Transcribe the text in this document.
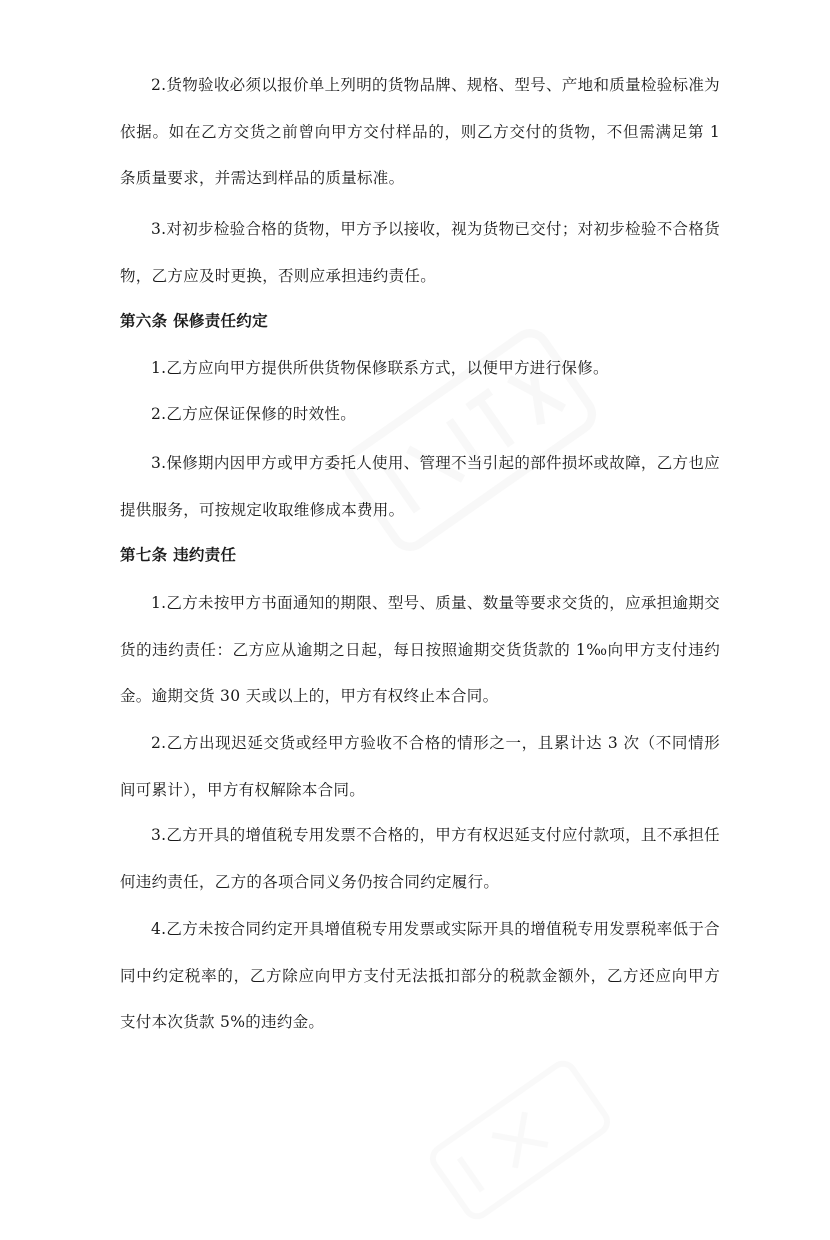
2.货物验收必须以报价单上列明的货物品牌、规格、型号、产地和质量检验标准为依据。如在乙方交货之前曾向甲方交付样品的，则乙方交付的货物，不但需满足第 1 条质量要求，并需达到样品的质量标准。

3.对初步检验合格的货物，甲方予以接收，视为货物已交付；对初步检验不合格货物，乙方应及时更换，否则应承担违约责任。

第六条 保修责任约定

1.乙方应向甲方提供所供货物保修联系方式，以便甲方进行保修。

2.乙方应保证保修的时效性。

3.保修期内因甲方或甲方委托人使用、管理不当引起的部件损坏或故障，乙方也应提供服务，可按规定收取维修成本费用。

第七条 违约责任

1.乙方未按甲方书面通知的期限、型号、质量、数量等要求交货的，应承担逾期交货的违约责任：乙方应从逾期之日起，每日按照逾期交货货款的 1‰向甲方支付违约金。逾期交货 30 天或以上的，甲方有权终止本合同。

2.乙方出现迟延交货或经甲方验收不合格的情形之一，且累计达 3 次（不同情形间可累计），甲方有权解除本合同。

3.乙方开具的增值税专用发票不合格的，甲方有权迟延支付应付款项，且不承担任何违约责任，乙方的各项合同义务仍按合同约定履行。

4.乙方未按合同约定开具增值税专用发票或实际开具的增值税专用发票税率低于合同中约定税率的，乙方除应向甲方支付无法抵扣部分的税款金额外，乙方还应向甲方支付本次货款 5%的违约金。
